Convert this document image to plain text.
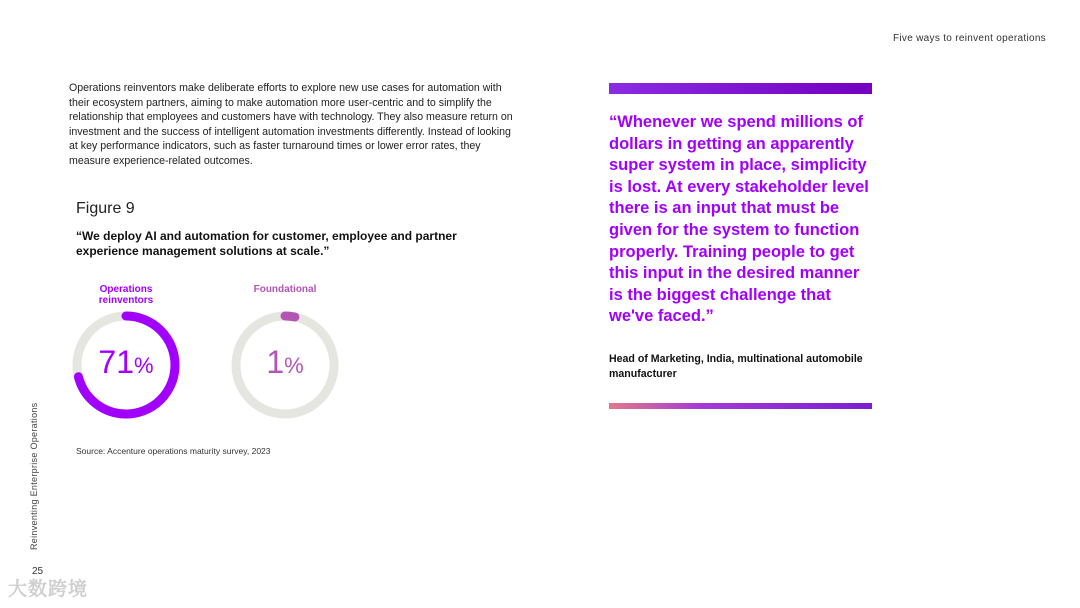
Five ways to reinvent operations
Operations reinventors make deliberate efforts to explore new use cases for automation with their ecosystem partners, aiming to make automation more user-centric and to simplify the relationship that employees and customers have with technology. They also measure return on investment and the success of intelligent automation investments differently. Instead of looking at key performance indicators, such as faster turnaround times or lower error rates, they measure experience-related outcomes.
Figure 9
“We deploy AI and automation for customer, employee and partner experience management solutions at scale.”
Operations reinventors
71%
Foundational
1%
Source: Accenture operations maturity survey, 2023
“Whenever we spend millions of dollars in getting an apparently super system in place, simplicity is lost. At every stakeholder level there is an input that must be given for the system to function properly. Training people to get this input in the desired manner is the biggest challenge that we've faced.”
Head of Marketing, India, multinational automobile manufacturer
Reinventing Enterprise Operations
25
大数跨境
